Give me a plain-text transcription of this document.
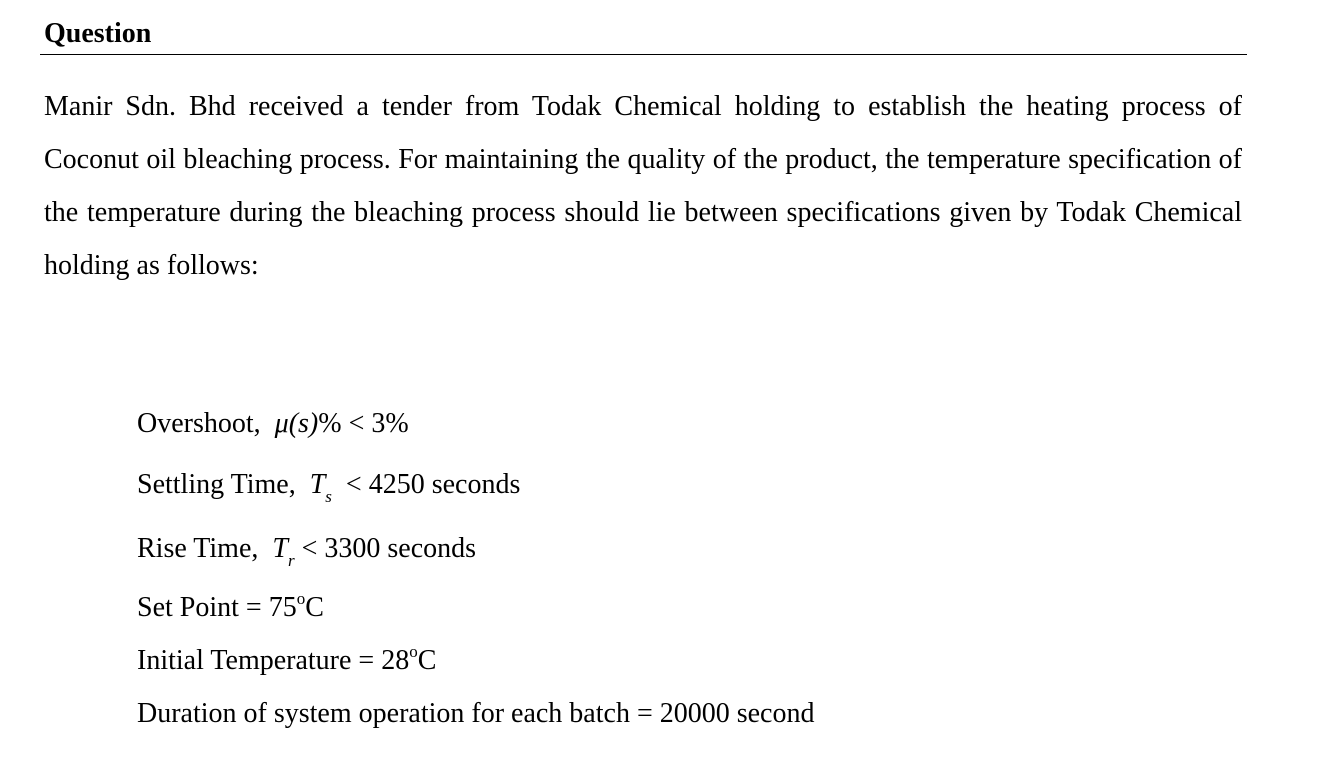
Question

Manir Sdn. Bhd received a tender from Todak Chemical holding to establish the heating process of Coconut oil bleaching process. For maintaining the quality of the product, the temperature specification of the temperature during the bleaching process should lie between specifications given by Todak Chemical holding as follows:

Overshoot, μ(s)% < 3%

Settling Time, $T_s < 4250$ seconds

Rise Time, $T_r < 3300$ seconds

Set Point = $75^oC$

Initial Temperature = $28^oC$

Duration of system operation for each batch = 20000 second
